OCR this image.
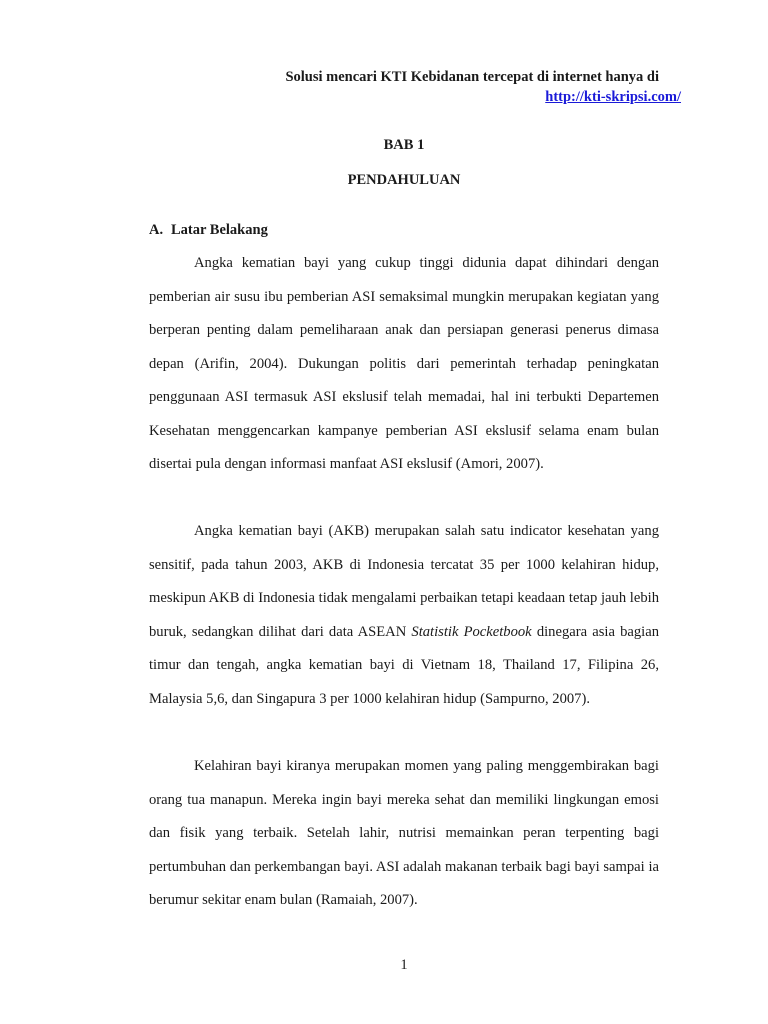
Solusi mencari KTI Kebidanan tercepat di internet hanya di
http://kti-skripsi.com/
BAB 1
PENDAHULUAN
A. Latar Belakang

Angka kematian bayi yang cukup tinggi didunia dapat dihindari dengan pemberian air susu ibu pemberian ASI semaksimal mungkin merupakan kegiatan yang berperan penting dalam pemeliharaan anak dan persiapan generasi penerus dimasa depan (Arifin, 2004). Dukungan politis dari pemerintah terhadap peningkatan penggunaan ASI termasuk ASI ekslusif telah memadai, hal ini terbukti Departemen Kesehatan menggencarkan kampanye pemberian ASI ekslusif selama enam bulan disertai pula dengan informasi manfaat ASI ekslusif (Amori, 2007).

Angka kematian bayi (AKB) merupakan salah satu indicator kesehatan yang sensitif, pada tahun 2003, AKB di Indonesia tercatat 35 per 1000 kelahiran hidup, meskipun AKB di Indonesia tidak mengalami perbaikan tetapi keadaan tetap jauh lebih buruk, sedangkan dilihat dari data ASEAN Statistik Pocketbook dinegara asia bagian timur dan tengah, angka kematian bayi di Vietnam 18, Thailand 17, Filipina 26, Malaysia 5,6, dan Singapura 3 per 1000 kelahiran hidup (Sampurno, 2007).

Kelahiran bayi kiranya merupakan momen yang paling menggembirakan bagi orang tua manapun. Mereka ingin bayi mereka sehat dan memiliki lingkungan emosi dan fisik yang terbaik. Setelah lahir, nutrisi memainkan peran terpenting bagi pertumbuhan dan perkembangan bayi. ASI adalah makanan terbaik bagi bayi sampai ia berumur sekitar enam bulan (Ramaiah, 2007).

1
